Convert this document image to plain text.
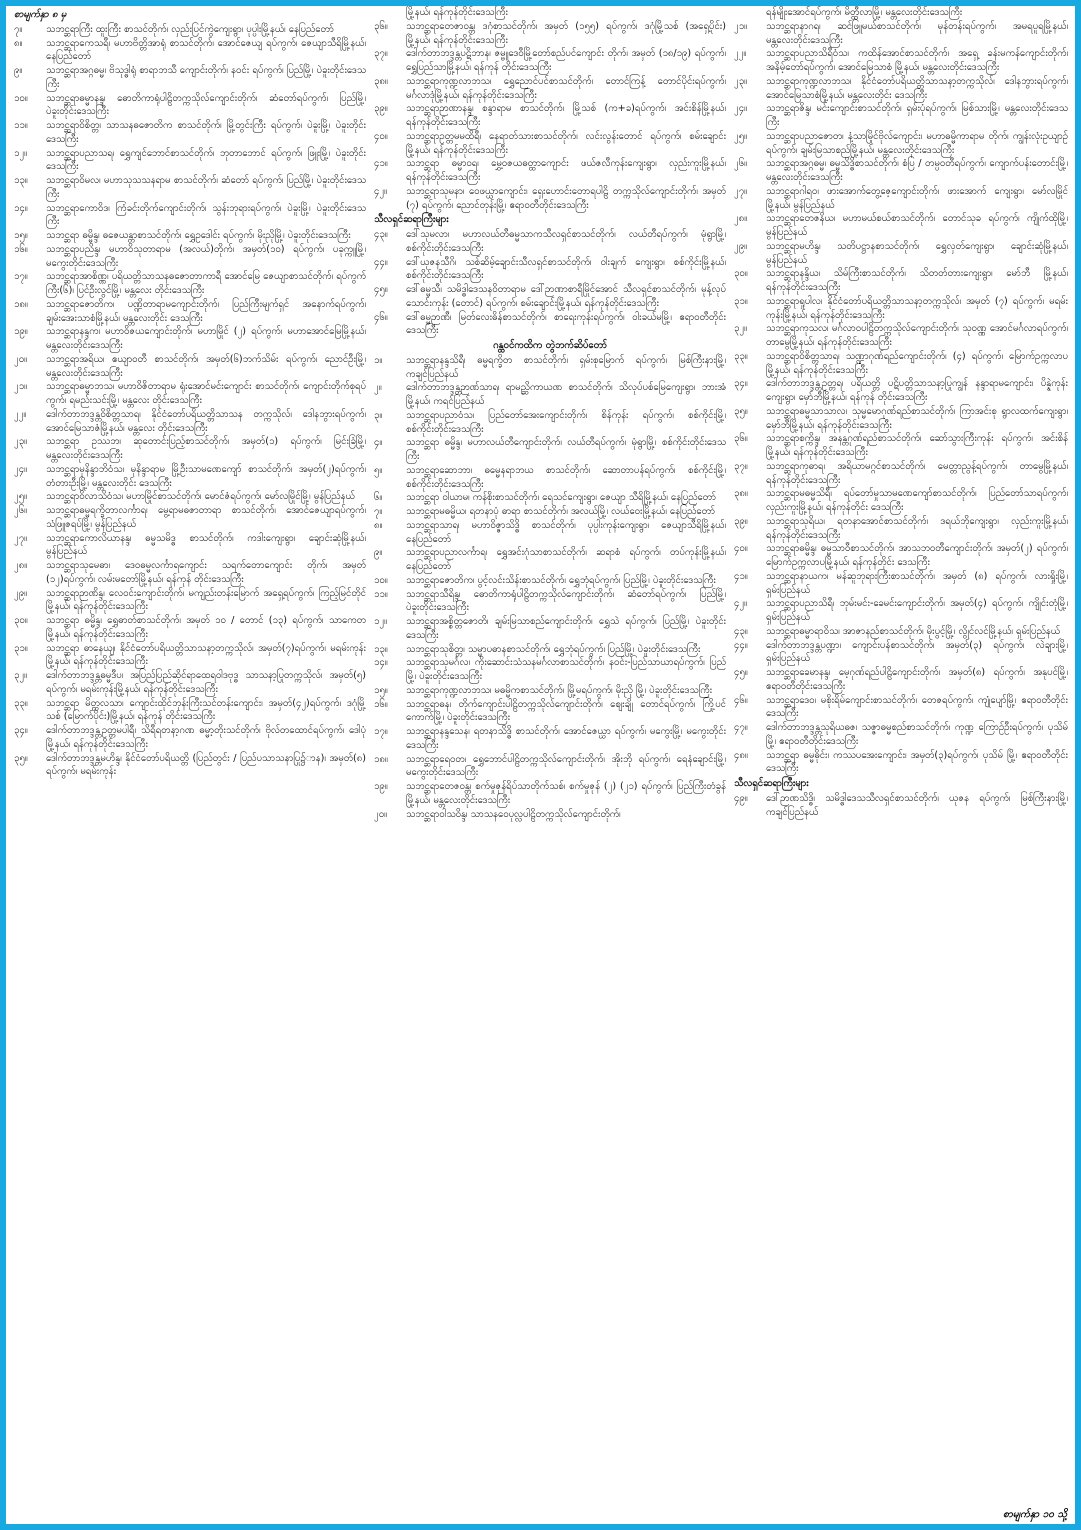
စာမျက်နှာ ၈ မှ
၇။	သဘင္ဆရာကြီး ထူးကြီး စာသင်တိုက်၊ လှည်းပြင်ကွဲကျေးရွာ၊ ပုပ္ပါးမြို့နယ်၊ နေပြည်တော်
၈။	သဘင္ဆရာကေသရီ၊ မဟာဗိတ္တိအာရုံ စာသင်တိုက်၊ အောင်ဇေယျ ရပ်ကွက်၊ ဇေယျာသီရိမြို့နယ်၊ နေပြည်တော်
၉။	သဘင္ဆရာအဂ္ဂဓမ္မ၊ ဗိသုဒ္ဓါရုံ စာရာဘသီ ကျောင်းတိုက်၊ နဝင်း ရပ်ကွက်၊ ပြည်မြို့၊ ပဲခူးတိုင်းဒေသကြီး
၁၀။	သဘင္ဆရာဓမ္မာနန္ဒ၊ ဓောတိကာရုံပါဠိတက္ကသိုလ်ကျောင်းတိုက်၊ ဆံတော်ရပ်ကွက်၊ ပြည်မြို့၊ ပဲခူးတိုင်းဒေသကြီး
၁၁။	သဘင္ဆရာဝိစိတ္တ၊ သာသနဓဇောတိက စာသင်တိုက်၊ မြို့တွင်းကြီး ရပ်ကွက်၊ ပဲခူးမြို့၊ ပဲခူးတိုင်းဒေသကြီး
၁၂။	သဘင္ဆရာပညာသရ၊ ရွှေကျင်ဘောင်စာသင်တိုက်၊ ဘုတာဘောင် ရပ်ကွက်၊ ဖြူးမြို့၊ ပဲခူးတိုင်းဒေသကြီး
၁၃။	သဘင္ဆရာဝိမလ၊ မဟာသုသသနရာမ စာသင်တိုက်၊ ဆံတော် ရပ်ကွက်၊ ပြည်မြို့၊ ပဲခူးတိုင်းဒေသကြီး
၁၄။	သဘင္ဆရာကောဝိဒ၊ ကြံခင်းတိုက်ကျောင်းတိုက်၊ သွန်းဘုရားရပ်ကွက်၊ ပဲခူးမြို့၊ ပဲခူးတိုင်းဒေသကြီး
၁၅။	သဘင္ဆရာ ဓမ္မိန္ဒ၊ ဓဇေယန္တာစာသင်တိုက်၊ ရွှေဥဒေါင်း ရပ်ကွက်၊ မိုးညိုမြို့၊ ပဲခူးတိုင်းဒေသကြီး
၁၆။	သဘင္ဆရာပညိန္ဒ၊ မဟာဝိသုတာရာမ (အလယ်)တိုက်၊ အမှတ်(၁၀) ရပ်ကွက်၊ ပခုက္ကူမြို့၊ မကွေးတိုင်းဒေသကြီး
၁၇။	သဘင္ဆရာအာစိဏ္ဏ၊ ပရိယတ္တိသာသနဓဇောတာကာရီ အောင်မြေ ဇေယျာစာသင်တိုက်၊ ရပ်ကွက်ကြီး(၆)၊ ပြင်ဦးလွင်မြို့၊ မန္တလေး တိုင်းဒေသကြီး
၁၈။	သဘင္ဆရာဇောတိက၊ ပဏ္ဍိတာရာမကျောင်းတိုက်၊ ပြည်ကြီးမျက်ရှင် အနောက်ရပ်ကွက်၊ ချမ်းအေးသာစံမြို့နယ်၊ မန္တလေးတိုင်း ဒေသကြီး
၁၉။	သဘင္ဆရာနန္ဒက၊ မဟာဝိဇယကျောင်းတိုက်၊ မဟာမြိုင် (၂) ရပ်ကွက်၊ မဟာအောင်မြေမြို့နယ်၊ မန္တလေးတိုင်းဒေသကြီး
၂၀။	သဘင္ဆရာအရိယ၊ ဧယျာဝတီ စာသင်တိုက်၊ အမှတ်(၆)ဘက်သိမ်း ရပ်ကွက်၊ ညောင်ဦးမြို့၊ မန္တလေးတိုင်းဒေသကြီး
၂၁။	သဘင္ဆရာဓမ္မာဘသ၊ မဟာဝိဇိတာရာမ ရုံးအောင်မင်းကျောင်း စာသင်တိုက်၊ ကျောင်းတိုက်စုရပ်ကွက်၊ ရမည်းသင်းမြို့၊ မန္တလေး တိုင်းဒေသကြီး
၂၂။	ဒေါက်တာဘဒ္ဒန္တဝိစိတ္တသာရ၊ နိုင်ငံတော်ပရိယတ္တိသာသန တက္ကသိုလ်၊ ဒေါနဘွားရပ်ကွက်၊ အောင်မြေသာဇံမြို့နယ်၊ မန္တလေး တိုင်းဒေသကြီး
၂၃။	သဘင္ဆရာ ဥဿဘ၊ ဆုတောင်းပြည့်စာသင်တိုက်၊ အမှတ်(၁) ရပ်ကွက်၊ မြင်းခြံမြို့၊ မန္တလေးတိုင်းဒေသကြီး
၂၄။	သဘင္ဆရာမုနိန္ဒာဘိဝံသ၊ မုနိန္ဒာရာမ မြို့ဦးသာမဏေကျော် စာသင်တိုက်၊ အမှတ်(၂)ရပ်ကွက်၊ တံတားဦးမြို့၊ မန္တလေးတိုင်း ဒေသကြီး
၂၅။	သဘင္ဆရာဝိလာသိဝံသ၊ မဟာမြိုင်စာသင်တိုက်၊ မောင်ဇံရပ်ကွက်၊ မော်လမြိုင်မြို့၊ မွန်ပြည်နယ်
၂၆။	သဘင္ဆရာဓမ္မရက္ခိတာလင်္ကာရ၊ မွေ့ရာမဓဇာတာရာ စာသင်တိုက်၊ အောင်ဇေယျာရပ်ကွက်၊ သံဖြူဇရပ်မြို့၊ မွန်ပြည်နယ်
၂၇။	သဘင္ဆရာကောလိယာနန္ဒ၊ ဓမ္မသမိဒ္ဓ စာသင်တိုက်၊ ကဒါးကျေးရွာ၊ ချောင်းဆုံမြို့နယ်၊ မွန်ပြည်နယ်
၂၈။	သဘင္ဆရာသုမေဓာ၊ ဒေဝဓမ္မလင်္ကာရကျောင်း သရက်တောကျောင်း တိုက်၊ အမှတ် (၁၂)ရပ်ကွက်၊ လမ်းမတော်မြို့နယ်၊ ရန်ကုန် တိုင်းဒေသကြီး
၂၉။	သဘင္ဆရာဉာဏိန္ဒ၊ လေဝင်းကျောင်းတိုက်၊ မကျည်းတန်းမြောက် အရှေ့ရပ်ကွက်၊ ကြည့်မြင်တိုင်မြို့နယ်၊ ရန်ကုန်တိုင်းဒေသကြီး
၃၀။	သဘင္ဆရာ ဓမ္မိန္ဒ၊ ရွှေဓာတ်စာသင်တိုက်၊ အမှတ် ၁၀ / တောင် (၁၃) ရပ်ကွက်၊ သာကေတမြို့နယ်၊ ရန်ကုန်တိုင်းဒေသကြီး
၃၁။	သဘင္ဆရာ ဓာနေယျ၊ နိုင်ငံတော်ပရိယတ္တိသာသနာ့တက္ကသိုလ်၊ အမှတ်(၇)ရပ်ကွက်၊ မရမ်းကုန်းမြို့နယ်၊ ရန်ကုန်တိုင်းဒေသကြီး
၃၂။	ဒေါက်တာဘဒ္ဒန္တဓမ္မဒီပ၊ အပြည်ပြည်ဆိုင်ရာထေရဝါဒဗုဒ္ဓ သာသနာ့ပြုတက္ကသိုလ်၊ အမှတ်(၅) ရပ်ကွက်၊ မရမ်းကုန်းမြို့နယ်၊ ရန်ကုန်တိုင်းဒေသကြီး
၃၃။	သဘင္ဆရာ မိတ္ထလသာ၊ ကျောင်းထိုင်ဘုန်းကြီးသင်တန်းကျောင်း၊ အမှတ်(၄၂)ရပ်ကွက်၊ ဒဂုံမြို့သစ် (မြောက်ပိုင်း)မြို့နယ်၊ ရန်ကုန် တိုင်းဒေသကြီး
၃၄။	ဒေါက်တာဘဒ္ဒန္တဥတ္တမပါရီ၊ သိရီရတနာ့ဂဏ ဓမ္မာ့တိုးသင်တိုက်၊ ဗိုလ်တထောင်ရပ်ကွက်၊ ဒေါပုံမြို့နယ်၊ ရန်ကုန်တိုင်းဒေသကြီး
၃၅။	ဒေါက်တာဘဒ္ဒန္တမဟိန္ဒ၊ နိုင်ငံတော်ပရိယတ္တိ (ပြည်တွင်း / ပြည်ပသာသနာပြု၌ာန)၊ အမှတ်(၈) ရပ်ကွက်၊ မရမ်းကုန်း
မြို့နယ်၊ ရန်ကုန်တိုင်းဒေသကြီး
၃၆။	သဘင္ဆရာတေဇာဝန္တ၊ ဒဂုံစာသင်တိုက်၊ အမှတ် (၁၅၅) ရပ်ကွက်၊ ဒဂုံမြို့သစ် (အရှေ့ပိုင်း) မြို့နယ်၊ ရန်ကုန်တိုင်းဒေသကြီး
၃၇။	ဒေါက်တာဘဒ္ဒန္တပဋိဘာန၊ ဇမ္ဗူဒေဝီမြို့တော်စည်ပင်ကျောင်း တိုက်၊ အမှတ် (၁၈/၁၉) ရပ်ကွက်၊ ရွှေပြည်သာမြို့နယ်၊ ရန်ကုန် တိုင်းဒေသကြီး
၃၈။	သဘင္ဆရာကုဏ္ဍလာဘသ၊ ရွှေညောင်ပင်စာသင်တိုက်၊ တောင်ကြန့် တောင်ပိုင်းရပ်ကွက်၊ မင်္ဂလာဒုံမြို့နယ်၊ ရန်ကုန်တိုင်းဒေသကြီး
၃၉။	သဘင္ဆရာဉာဏာနန္ဒ၊ စန္ဒာရာမ စာသင်တိုက်၊ မြို့သစ် (က+ခ)ရပ်ကွက်၊ အင်းစိန်မြို့နယ်၊ ရန်ကုန်တိုင်းဒေသကြီး
၄၀။	သဘင္ဆရာဥတ္တမမထိရီ၊ နေရာတ်သားစာသင်တိုက်၊ လင်းလွန်းတောင် ရပ်ကွက်၊ စမ်းချောင်းမြို့နယ်၊ ရန်ကုန်တိုင်းဒေသကြီး
၄၁။	သဘင္ဆရာ ဓမ္မာဝရ၊ မွှေ့ဝဇယဓတ္ထာကျောင်း ဖယ်ဇလီကုန်းကျေးရွာ၊ လှည်းကူးမြို့နယ်၊ ရန်ကုန်တိုင်းဒေသကြီး
၄၂။	သဘင္ဆရာသုမနာ၊ ဝေဖယ္ယာကျောင်း၊ ရှေးဟောင်းတောရပါဠိ တက္ကသိုလ်ကျောင်းတိုက်၊ အမှတ် (၇) ရပ်ကွက်၊ ညောင်တုန်းမြို့၊ ဧရာဝတီတိုင်းဒေသကြီး
သီလရှင်ဆရာကြီးများ
၄၃။	ဒေါ်သုမလာ၊ မဟာလယ်တီဓမ္မသာကသီလရှင်စာသင်တိုက်၊ လယ်တီရပ်ကွက်၊ မုံရွာမြို့၊ စစ်ကိုင်းတိုင်းဒေသကြီး
၄၄။	ဒေါ်ယုဇနသီဂိ၊ သစ်ဆိမ့်ချောင်းသီလရှင်စာသင်တိုက်၊ ဝါးချက် ကျေးရွာ၊ စစ်ကိုင်းမြို့နယ်၊ စစ်ကိုင်းတိုင်းဒေသကြီး
၄၅။	ဒေါ်ဓမ္မသီ၊ သမိဒ္ဓါဒေသနဝိတာရာမ ဒေါ်ဉာဏာစာရီမြိုင်အောင် သီလရှင်စာသင်တိုက်၊ မုန့်လုပ်သောင်းကုန်း (တောင်) ရပ်ကွက်၊ စမ်းချောင်းမြို့နယ်၊ ရန်ကုန်တိုင်းဒေသကြီး
၄၆။	ဒေါ်ဓမ္မဉာဏီ၊ မြတ်လေးဓိန်စာသင်တိုက်၊ စာရေးကုန်းရပ်ကွက်၊ ဝါးခယ်မမြို့၊ ဧရာဝတီတိုင်းဒေသကြီး
ဂန္ထဝင်ကထိက တွဲဘက်ဆိပ်တော်
၁။	သဘင္ဆရာနန္ဒသိရီ၊ ဓမ္မရက္ခိတ စာသင်တိုက်၊ ရှမ်းစုမြောက် ရပ်ကွက်၊ မြစ်ကြီးနားမြို့၊ ကချင်ပြည်နယ်
၂။	ဒေါက်တာဘဒ္ဒန္တဉာဏ်သာရ၊ ရာမည္ဆိကာယဏ စာသင်တိုက်၊ သိလုပ်ပစ်မြေကျေးရွာ၊ ဘားအံမြို့နယ်၊ ကရင်ပြည်နယ်
၃။	သဘင္ဆရာပညာဝံသ၊ ပြည်တော်အေးကျောင်းတိုက်၊ စိန်ကုန်း ရပ်ကွက်၊ စစ်ကိုင်းမြို့၊ စစ်ကိုင်းတိုင်းဒေသကြီး
၄။	သဘင္ဆရာ ဓမ္မိန္ဒ၊ မဟာလယ်တီကျောင်းတိုက်၊ လယ်တီရပ်ကွက်၊ မုံရွာမြို့၊ စစ်ကိုင်းတိုင်းဒေသကြီး
၅။	သဘင္ဆရာဆောဘာ၊ ဓမ္မေနရာဘယ စာသင်တိုက်၊ ဆောတာပန်ရပ်ကွက်၊ စစ်ကိုင်းမြို့၊ စစ်ကိုင်းတိုင်းဒေသကြီး
၆။	သဘင္ဆရာ ဝါယာမ၊ ကန်စိုးစာသင်တိုက်၊ ရေသင်ကျေးရွာ၊ ဇေယျာ သီရိမြို့နယ်၊ နေပြည်တော်
၇။	သဘင္ဆရာမဓမ္မိယ၊ ရတနာပုံ ဓာရာ စာသင်တိုက်၊ အလယ်မြို့၊ လယ်ဝေးမြို့နယ်၊ နေပြည်တော်
၈။	သဘင္ဆရာသာရ၊ မဟာဝိဇ္ဇာသိဒ္ဓိ စာသင်တိုက်၊ ပုပ္ပါးကုန်းကျေးရွာ၊ ဇေယျာသီရိမြို့နယ်၊ နေပြည်တော်
၉။	သဘင္ဆရာပညာလင်္ကာရ၊ ရွှေအင်းဂုံသာစာသင်တိုက်၊ ဆရာစံ ရပ်ကွက်၊ တပ်ကုန်းမြို့နယ်၊ နေပြည်တော်
၁၀။	သဘင္ဆရာဇောတိက၊ ပွင့်လင်းသိန်းစာသင်တိုက်၊ ရွှေဘုံရပ်ကွက်၊ ပြည်မြို့၊ ပဲခူးတိုင်းဒေသကြီး
၁၁။	သဘင္ဆရာသီရိန္ဒ၊ ဓောတိကာရုံပါဠိတက္ကသိုလ်ကျောင်းတိုက်၊ ဆံတော်ရပ်ကွက်၊ ပြည်မြို့၊ ပဲခူးတိုင်းဒေသကြီး
၁၂။	သဘင္ဆရာအစ္စိတ္တဇောတိ၊ ချမ်းမြသာစည်ကျောင်းတိုက်၊ ရွှေသဲ ရပ်ကွက်၊ ပြည်မြို့၊ ပဲခူးတိုင်းဒေသကြီး
၁၃။	သဘင္ဆရာသုစိတ္တ၊ သမ္မာပဓာနစာသင်တိုက်၊ ရွှေဘုံရပ်ကွက်၊ ပြည်မြို့၊ ပဲခူးတိုင်းဒေသကြီး
၁၄။	သဘင္ဆရာသုမင်္ဂလ၊ ကိုးဆောင်းသံသနမင်္ဂလာစာသင်တိုက်၊ နဝင်း-ပြည်သာယာရပ်ကွက်၊ ပြည်မြို့၊ ပဲခူးတိုင်းဒေသကြီး
၁၅။	သဘင္ဆရာကုဏ္ဍလာဘသ၊ မဓမ္မိကစာသင်တိုက်၊ မြို့မရပ်ကွက်၊ မိုးညို မြို့၊ ပဲခူးတိုင်းဒေသကြီး
၁၆။	သဘင္ဆရာဓန၊ တိုက်ကျောင်းပါဠိတက္ကသိုလ်ကျောင်းတိုက်၊ ဈေးချို တောင်ရပ်ကွက်၊ ကြို့ပင်ကောက်မြို့၊ ပဲခူးတိုင်းဒေသကြီး
၁၇။	သဘင္ဆရာနန္ဒသေန၊ ရတနာသိဒ္ဓိ စာသင်တိုက်၊ အောင်ဇေယ္ယာ ရပ်ကွက်၊ မကွေးမြို့၊ မကွေးတိုင်းဒေသကြီး
၁၈။	သဘင္ဆရာရေဝတ၊ ရွှေဘောင်ပါဠိတက္ကသိုလ်ကျောင်းတိုက်၊ အိုးဘို ရပ်ကွက်၊ ရေနံချောင်းမြို့၊ မကွေးတိုင်းဒေသကြီး
၁၉။	သဘင္ဆရာတေဇဝန္တ၊ စက်မှုဇုန်ရိပ်သာတိုက်သစ်၊ စက်မှုဇုန် (၂) (၂၁) ရပ်ကွက်၊ ပြည်ကြီးတံခွန်မြို့နယ်၊ မန္တလေးတိုင်းဒေသကြီး
၂၀။	သဘင္ဆရာဝါသဝိန္ဒ၊ သာသနဝေပုလ္လပါဠိတက္ကသိုလ်ကျောင်းတိုက်၊
ရန်မျိုးအောင်ရပ်ကွက်၊ မိတ္ထီလာမြို့၊ မန္တလေးတိုင်းဒေသကြီး
၂၁။	သဘင္ဆရာနာဂရ၊ ဆင်ဖြူမယ်စာသင်တိုက်၊ မုန်တန်းရပ်ကွက်၊ အမရပူရမြို့နယ်၊ မန္တလေးတိုင်းဒေသကြီး
၂၂။	သဘင္ဆရာပညာသိရီဝံသ၊ ကထိန်အောင်စာသင်တိုက်၊ အရှေ့ ခန်းမကန်ကျောင်းတိုက်၊ အနိမ့်တော်ရပ်ကွက်၊ အောင်မြေသာစံ မြို့နယ်၊ မန္တလေးတိုင်းဒေသကြီး
၂၃။	သဘင္ဆရာကုဏ္ဍလာဘသ၊ နိုင်ငံတော်ပရိယတ္တိသာသနာ့တက္ကသိုလ်၊ ဒေါနဘွားရပ်ကွက်၊ အောင်မြေသာစံမြို့နယ်၊ မန္တလေးတိုင်း ဒေသကြီး
၂၄။	သဘင္ဆရာဇိန္ဒ၊ မင်းကျောင်းစာသင်တိုက်၊ ရှမ်းပုံရပ်ကွက်၊ မြစ်သားမြို့၊ မန္တလေးတိုင်းဒေသကြီး
၂၅။	သဘင္ဆရာပညာဇောတ၊ နံ့သာမြိုင်ဗိုလ်ကျောင်း၊ မဟာဓမ္မိကာရာမ တိုက်၊ ကျွန်းလုံးဥယျာဉ်ရပ်ကွက်၊ ချမ်းမြသာစည်မြို့နယ်၊ မန္တလေးတိုင်းဒေသကြီး
၂၆။	သဘင္ဆရာအဂ္ဂဓမ္မ၊ ဓမ္မသိဒ္ဓိစာသင်တိုက်၊ စံပြ / တမ္ပဝတီရပ်ကွက်၊ ကျောက်ပန်းတောင်းမြို့၊ မန္တလေးတိုင်းဒေသကြီး
၂၇။	သဘင္ဆရာဂါရဝ၊ ဖားအောက်တွေ့ဇေ့ကျောင်းတိုက်၊ ဖားအောက် ကျေးရွာ၊ မော်လမြိုင်မြို့နယ်၊ မွန်ပြည်နယ်
၂၈။	သဘင္ဆရာတေဇနိယ၊ မဟာမယ်စယ်စာသင်တိုက်၊ တောင်သုခ ရပ်ကွက်၊ ကျိုက်ထိုမြို့၊ မွန်ပြည်နယ်
၂၉။	သဘင္ဆရာမဟိန္ဒ၊ သတိပဋ္ဌာနစာသင်တိုက်၊ ရွှေလှတ်ကျေးရွာ၊ ချောင်းဆုံမြို့နယ်၊ မွန်ပြည်နယ်
၃၀။	သဘင္ဆရာနန္ဒိယ၊ သိမ်ကြီးစာသင်တိုက်၊ သိတတ်တားကျေးရွာ၊ မော်ဘီ မြို့နယ်၊ ရန်ကုန်တိုင်းဒေသကြီး
၃၁။	သဘင္ဆရာရှုပါလ၊ နိုင်ငံတော်ပရိယတ္တိသာသနာ့တက္ကသိုလ်၊ အမှတ် (၇) ရပ်ကွက်၊ မရမ်းကုန်းမြို့နယ်၊ ရန်ကုန်တိုင်းဒေသကြီး
၃၂။	သဘင္ဆရာကုသလ၊ မင်္ဂလာဝပါဠိတက္ကသိုလ်ကျောင်းတိုက်၊ သုဝဏ္ဏ အောင်မင်္ဂလာရပ်ကွက်၊ တာမွေမြို့နယ်၊ ရန်ကုန်တိုင်းဒေသကြီး
၃၃။	သဘင္ဆရာဝိစိတ္တသာရ၊ သဏ္ဍာဂုဏ်ရည်ကျောင်းတိုက်၊ (၄) ရပ်ကွက်၊ မြောက်ဥက္ကလာပမြို့နယ်၊ ရန်ကုန်တိုင်းဒေသကြီး
၃၄။	ဒေါက်တာဘဒ္ဒန္တဥတ္တရ၊ ပရိယတ္တိ ပဋိပတ္တိသာသနာ့ပြုကျွန် နန္ဒာရာမကျောင်း၊ ပိန္နဲကုန်းကျေးရွာ၊ မှော်ဘီမြို့နယ်၊ ရန်ကုန် တိုင်းဒေသကြီး
၃၅။	သဘင္ဆရာဓမ္မသာသာလ၊ သုမ္မမောဂုဏ်ရည်စာသင်တိုက်၊ ကြာအင်းစု ရွာလထက်ကျေးရွာ၊ မှော်ဘီမြို့နယ်၊ ရန်ကုန်တိုင်းဒေသကြီး
၃၆။	သဘင္ဆရာစက္ကိန္ဒ၊ အနန္တဂုဏ်ရည်စာသင်တိုက်၊ ဆော်သွားကြီးကုန်း ရပ်ကွက်၊ အင်းစိန်မြို့နယ်၊ ရန်ကုန်တိုင်းဒေသကြီး
၃၇။	သဘင္ဆရာကုဓာရ၊ အရိယာမဂ္ဂင်စာသင်တိုက်၊ မေတ္တာညွန့်ရပ်ကွက်၊ တာမွေမြို့နယ်၊ ရန်ကုန်တိုင်းဒေသကြီး
၃၈။	သဘင္ဆရာမဓမ္မသိရီ၊ ရပ်တော်မှုသာမဏေကျော်စာသင်တိုက်၊ ပြည်တော်သာရပ်ကွက်၊ လှည်းကူးမြို့နယ်၊ ရန်ကုန်တိုင်း ဒေသကြီး
၃၉။	သဘင္ဆရာသုရိယ၊ ရတနာအောင်စာသင်တိုက်၊ ဒရယ်ဘိုကျေးရွာ၊ လှည်းကူးမြို့နယ်၊ ရန်ကုန်တိုင်းဒေသကြီး
၄၀။	သဘင္ဆရာဓမ္မိန္ဒ၊ ဓမ္မသာဝီစာသင်တိုက်၊ အာသဘဝတီကျောင်းတိုက်၊ အမှတ်(၂) ရပ်ကွက်၊ မြောက်ဥက္ကလာပမြို့နယ်၊ ရန်ကုန်တိုင်း ဒေသကြီး
၄၁။	သဘင္ဆရာနာယက၊ မန်ဆူဘုရားကြီးစာသင်တိုက်၊ အမှတ် (၈) ရပ်ကွက်၊ လားရှိုးမြို့၊ ရှမ်းပြည်နယ်
၄၂။	သဘင္ဆရာပညာသိရီ၊ ဘုမ်းမင်း-ခေမင်းကျောင်းတိုက်၊ အမှတ်(၄) ရပ်ကွက်၊ ကျိုင်းတုံမြို့၊ ရှမ်းပြည်နယ်
၄၃။	သဘင္ဆရာဓမ္မာရာဝိသ၊ အာဇာနည်စာသင်တိုက်၊ မိုးပွင့်မြို့၊ လွိုင်လင်မြို့နယ်၊ ရှမ်းပြည်နယ်
၄၄။	ဒေါက်တာဘဒ္ဒန္တပဏ္ဍာ၊ ကျောင်းပန်စာသင်တိုက်၊ အမှတ်(၃) ရပ်ကွက်၊ လဲချားမြို့၊ ရှမ်းပြည်နယ်
၄၅။	သဘင္ဆရာခေမာနန္ဒ၊ မေ့ဂုဏ်ရည်ပါဠိကျောင်းတိုက်၊ အမှတ်(၈) ရပ်ကွက်၊ အနုပင်မြို့၊ ဧရာဝတီတိုင်းဒေသကြီး
၄၆။	သဘင္ဆရာဒေဝ၊ မစိုးရိမ်ကျောင်းစာသင်တိုက်၊ တေဇရပ်ကွက်၊ ကျုံပျော်မြို့၊ ဧရာဝတီတိုင်းဒေသကြီး
၄၇။	ဒေါက်တာဘဒ္ဒန္တသုရိယဓဇ၊ သဇ္ဇာဓမ္မစည်စာသင်တိုက်၊ ကုဏ္ဍ ကြောဉ်ဦးရပ်ကွက်၊ ပုသိမ်မြို့၊ ဧရာဝတီတိုင်းဒေသကြီး
၄၈။	သဘင္ဆရာ ဓမ္မဓိုင်း၊ ကဿပအေးကျောင်း၊ အမှတ်(၃)ရပ်ကွက်၊ ပုသိမ် မြို့၊ ဧရာဝတီတိုင်းဒေသကြီး
သီလရှင်ဆရာကြီးများ
၄၉။	ဒေါ်ဉာဏသိဒ္ဓိ၊ သမိဒ္ဓါဒေသသီလရှင်စာသင်တိုက်၊ ယုဇန ရပ်ကွက်၊ မြစ်ကြီးနားမြို့၊ ကချင်ပြည်နယ်
စာမျက်နှာ ၁၀ သို့
